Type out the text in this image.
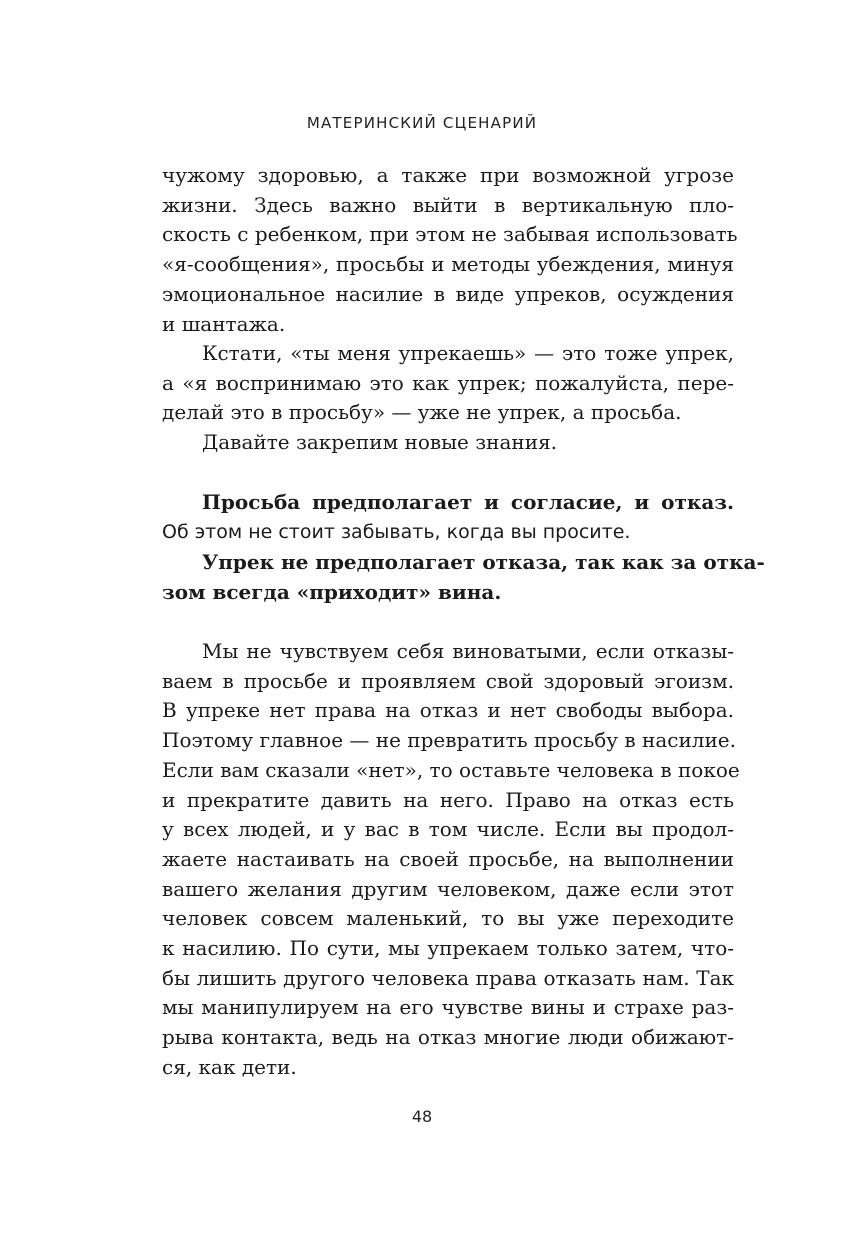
МАТЕРИНСКИЙ СЦЕНАРИЙ
чужому здоровью, а также при возможной угрозе
жизни. Здесь важно выйти в вертикальную пло-
скость с ребенком, при этом не забывая использовать
«я-сообщения», просьбы и методы убеждения, минуя
эмоциональное насилие в виде упреков, осуждения
и шантажа.
Кстати, «ты меня упрекаешь» — это тоже упрек,
а «я воспринимаю это как упрек; пожалуйста, пере-
делай это в просьбу» — уже не упрек, а просьба.
Давайте закрепим новые знания.
Просьба предполагает и согласие, и отказ.
Об этом не стоит забывать, когда вы просите.
Упрек не предполагает отказа, так как за отка-
зом всегда «приходит» вина.
Мы не чувствуем себя виноватыми, если отказы-
ваем в просьбе и проявляем свой здоровый эгоизм.
В упреке нет права на отказ и нет свободы выбора.
Поэтому главное — не превратить просьбу в насилие.
Если вам сказали «нет», то оставьте человека в покое
и прекратите давить на него. Право на отказ есть
у всех людей, и у вас в том числе. Если вы продол-
жаете настаивать на своей просьбе, на выполнении
вашего желания другим человеком, даже если этот
человек совсем маленький, то вы уже переходите
к насилию. По сути, мы упрекаем только затем, что-
бы лишить другого человека права отказать нам. Так
мы манипулируем на его чувстве вины и страхе раз-
рыва контакта, ведь на отказ многие люди обижают-
ся, как дети.
48
